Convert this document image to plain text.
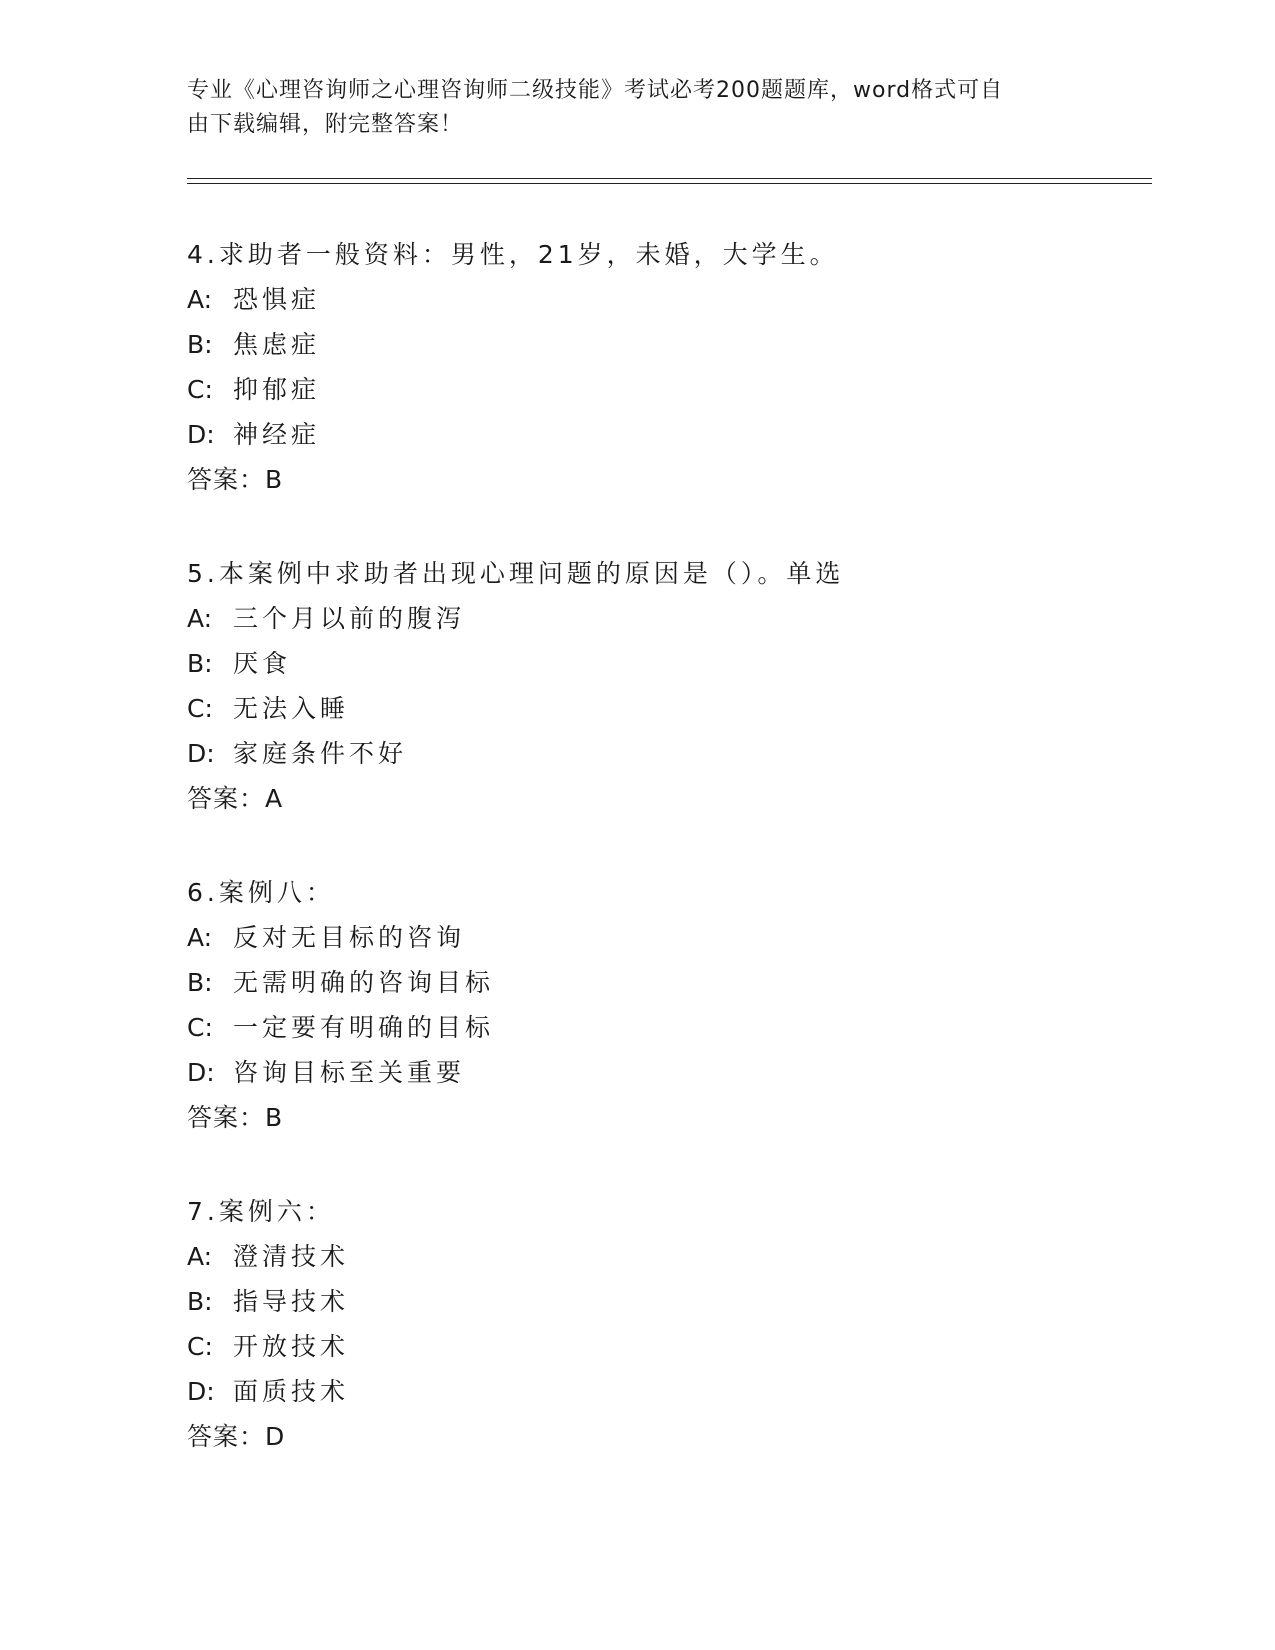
专业《心理咨询师之心理咨询师二级技能》考试必考200题题库，word格式可自
由下载编辑，附完整答案！
4.求助者一般资料：男性，21岁，未婚，大学生。
A: 恐惧症
B: 焦虑症
C: 抑郁症
D: 神经症
答案：B
5.本案例中求助者出现心理问题的原因是（）。单选
A: 三个月以前的腹泻
B: 厌食
C: 无法入睡
D: 家庭条件不好
答案：A
6.案例八：
A: 反对无目标的咨询
B: 无需明确的咨询目标
C: 一定要有明确的目标
D: 咨询目标至关重要
答案：B
7.案例六：
A: 澄清技术
B: 指导技术
C: 开放技术
D: 面质技术
答案：D
